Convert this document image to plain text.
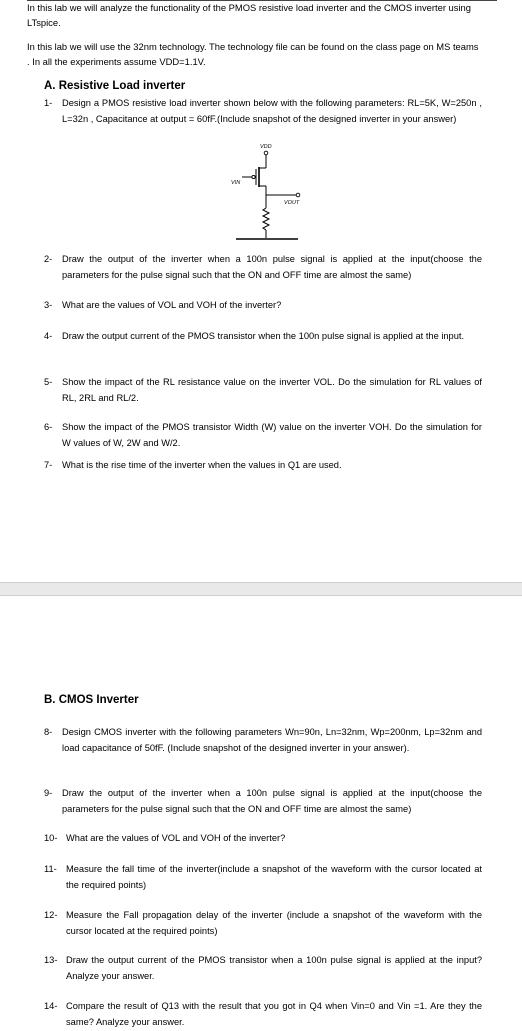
In this lab we will analyze the functionality of the PMOS resistive load inverter and the CMOS inverter using LTspice.

In this lab we will use the 32nm technology. The technology file can be found on the class page on MS teams . In all the experiments assume VDD=1.1V.

A. Resistive Load inverter

1- Design a PMOS resistive load inverter shown below with the following parameters: RL=5K, W=250n , L=32n , Capacitance at output = 60fF.(Include snapshot of the designed inverter in your answer)
VDD
VIN
VOUT
2- Draw the output of the inverter when a 100n pulse signal is applied at the input(choose the parameters for the pulse signal such that the ON and OFF time are almost the same)
3- What are the values of VOL and VOH of the inverter?
4- Draw the output current of the PMOS transistor when the 100n pulse signal is applied at the input.
5- Show the impact of the RL resistance value on the inverter VOL. Do the simulation for RL values of RL, 2RL and RL/2.
6- Show the impact of the PMOS transistor Width (W) value on the inverter VOH. Do the simulation for W values of W, 2W and W/2.
7- What is the rise time of the inverter when the values in Q1 are used.

B. CMOS Inverter

8- Design CMOS inverter with the following parameters Wn=90n, Ln=32nm, Wp=200nm, Lp=32nm and load capacitance of 50fF. (Include snapshot of the designed inverter in your answer).
9- Draw the output of the inverter when a 100n pulse signal is applied at the input(choose the parameters for the pulse signal such that the ON and OFF time are almost the same)
10- What are the values of VOL and VOH of the inverter?
11- Measure the fall time of the inverter(include a snapshot of the waveform with the cursor located at the required points)
12- Measure the Fall propagation delay of the inverter (include a snapshot of the waveform with the cursor located at the required points)
13- Draw the output current of the PMOS transistor when a 100n pulse signal is applied at the input? Analyze your answer.
14- Compare the result of Q13 with the result that you got in Q4 when Vin=0 and Vin =1. Are they the same? Analyze your answer.
